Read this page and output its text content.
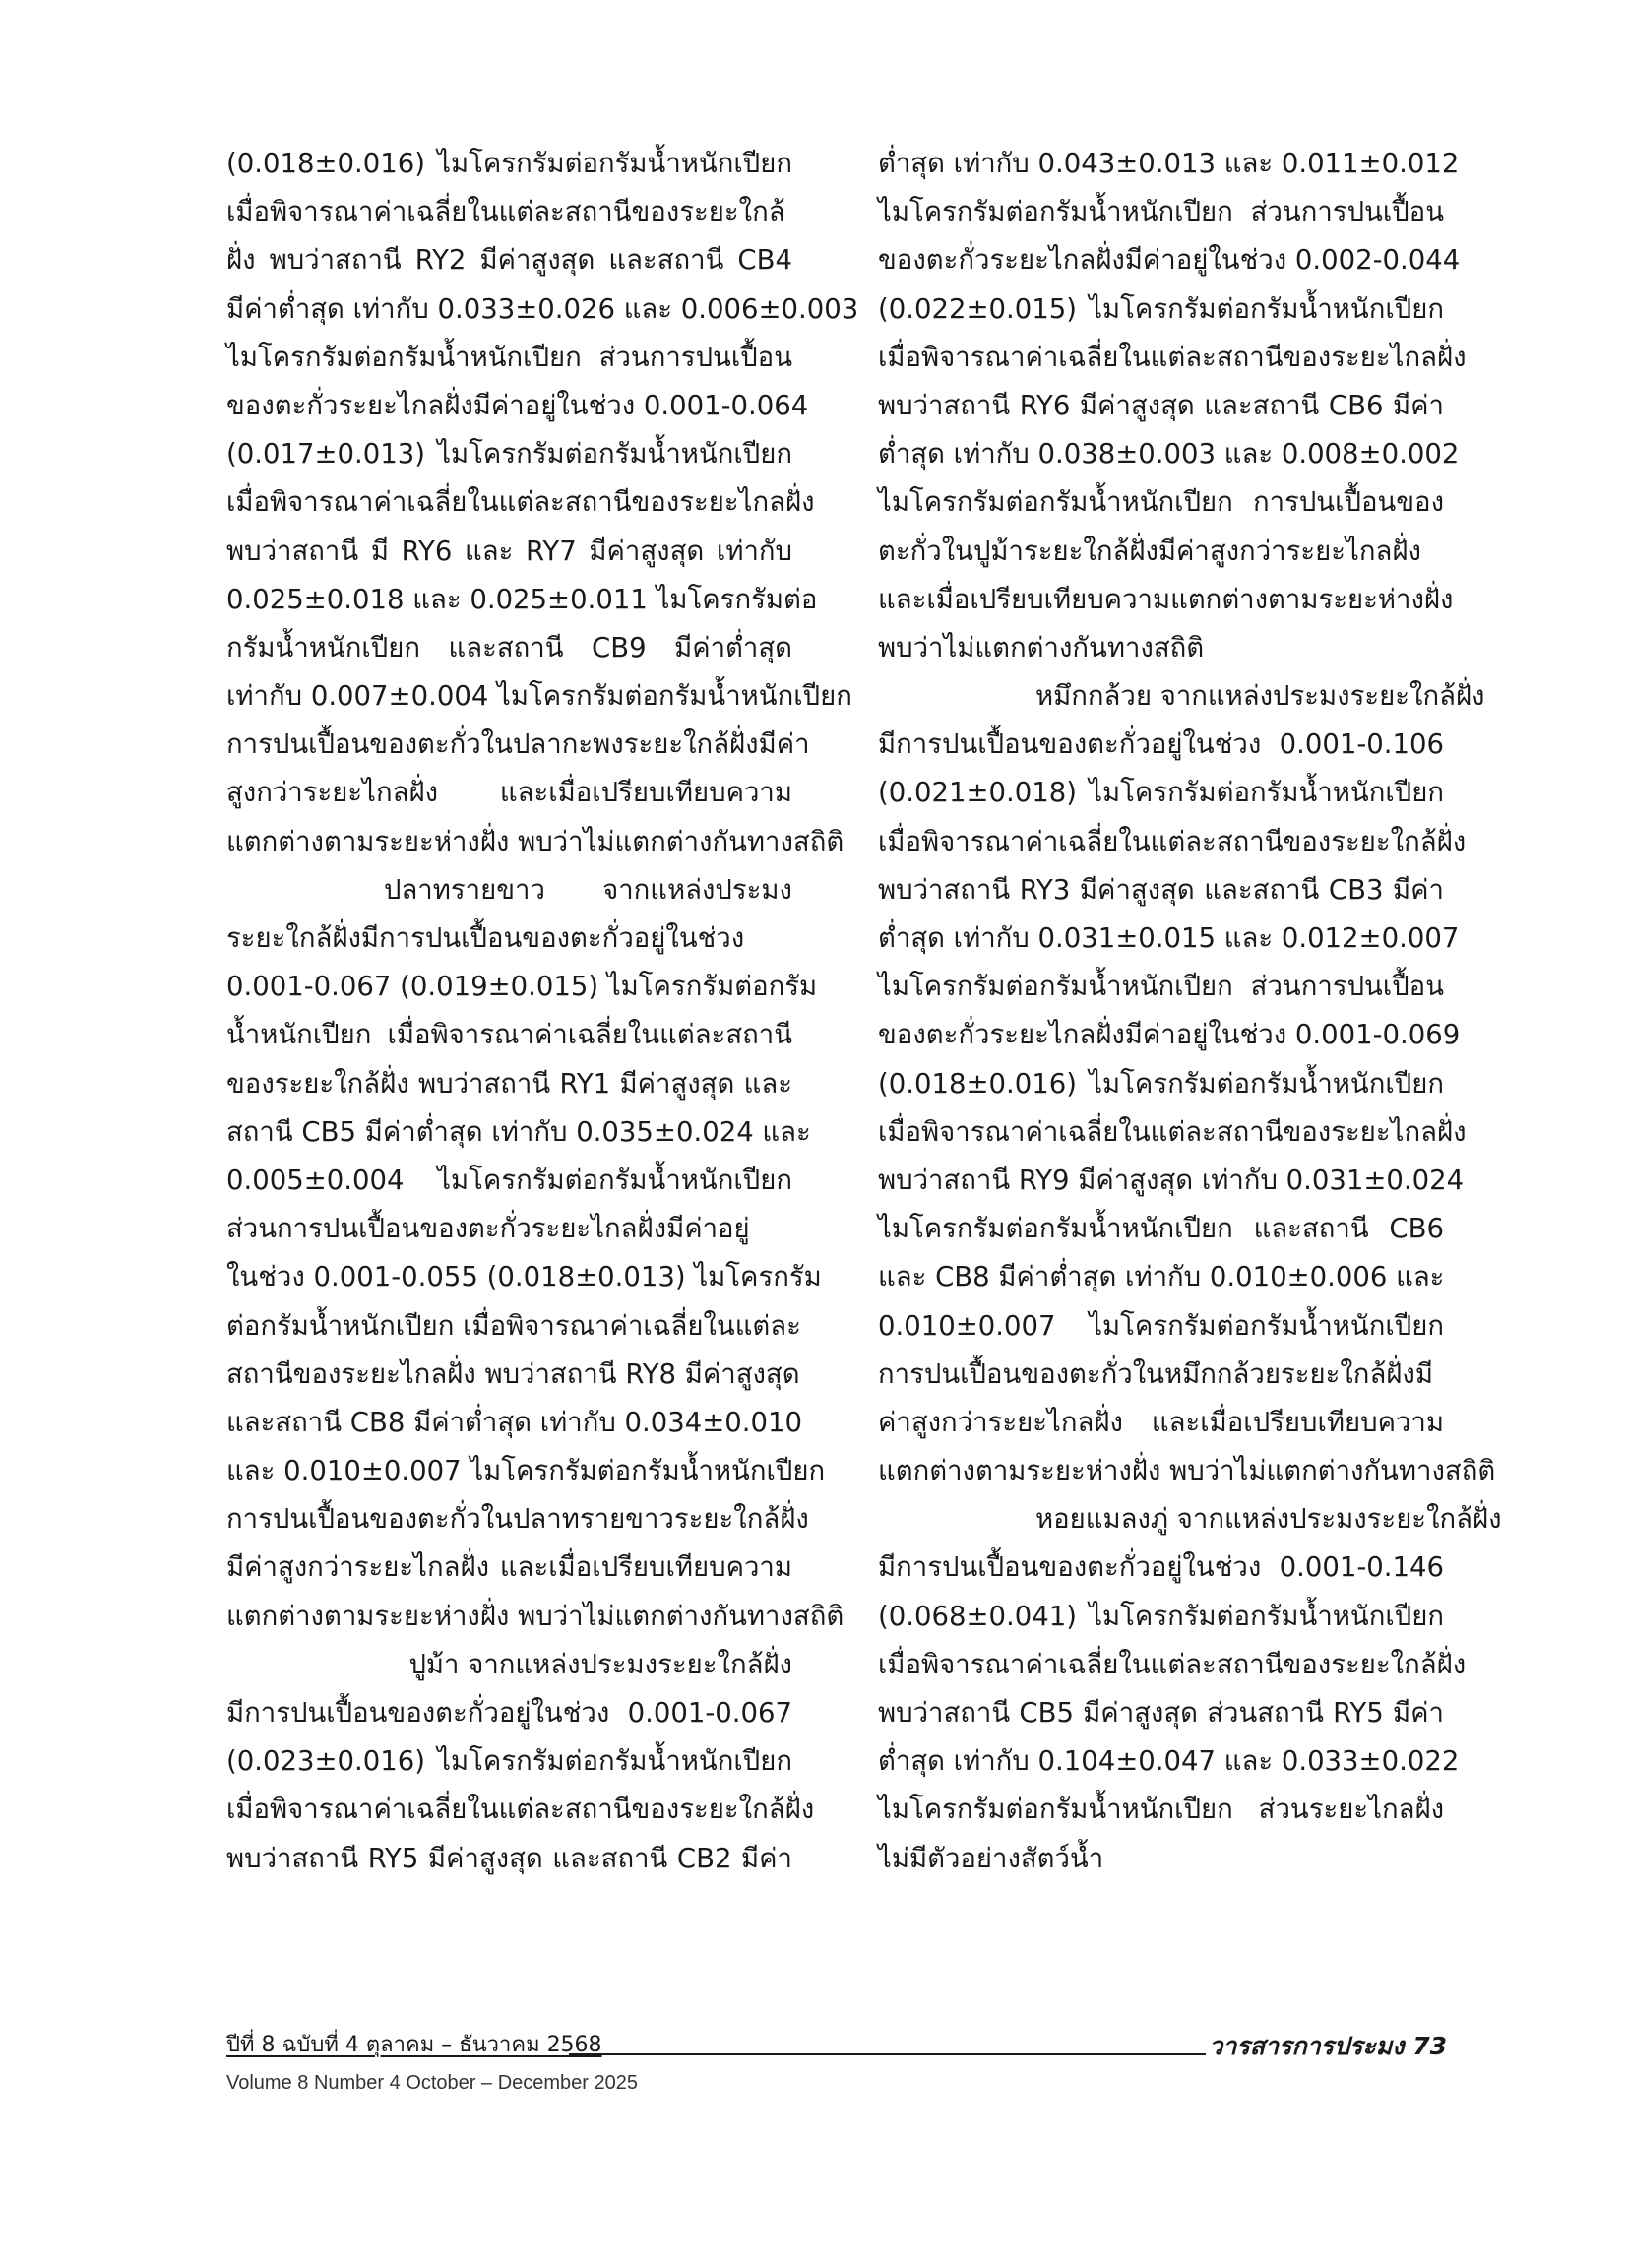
(0.018±0.016) ไมโครกรัมต่อกรัมน้ำหนักเปียก
เมื่อพิจารณาค่าเฉลี่ยในแต่ละสถานีของระยะใกล้
ฝั่ง พบว่าสถานี RY2 มีค่าสูงสุด และสถานี CB4
มีค่าต่ำสุด เท่ากับ 0.033±0.026 และ 0.006±0.003
ไมโครกรัมต่อกรัมน้ำหนักเปียก ส่วนการปนเปื้อน
ของตะกั่วระยะไกลฝั่งมีค่าอยู่ในช่วง 0.001-0.064
(0.017±0.013) ไมโครกรัมต่อกรัมน้ำหนักเปียก
เมื่อพิจารณาค่าเฉลี่ยในแต่ละสถานีของระยะไกลฝั่ง
พบว่าสถานี มี RY6 และ RY7 มีค่าสูงสุด เท่ากับ
0.025±0.018 และ 0.025±0.011 ไมโครกรัมต่อ
กรัมน้ำหนักเปียก และสถานี CB9 มีค่าต่ำสุด
เท่ากับ 0.007±0.004 ไมโครกรัมต่อกรัมน้ำหนักเปียก
การปนเปื้อนของตะกั่วในปลากะพงระยะใกล้ฝั่งมีค่า
สูงกว่าระยะไกลฝั่ง และเมื่อเปรียบเทียบความ
แตกต่างตามระยะห่างฝั่ง พบว่าไม่แตกต่างกันทางสถิติ
ปลาทรายขาว จากแหล่งประมง
ระยะใกล้ฝั่งมีการปนเปื้อนของตะกั่วอยู่ในช่วง
0.001-0.067 (0.019±0.015) ไมโครกรัมต่อกรัม
น้ำหนักเปียก เมื่อพิจารณาค่าเฉลี่ยในแต่ละสถานี
ของระยะใกล้ฝั่ง พบว่าสถานี RY1 มีค่าสูงสุด และ
สถานี CB5 มีค่าต่ำสุด เท่ากับ 0.035±0.024 และ
0.005±0.004 ไมโครกรัมต่อกรัมน้ำหนักเปียก
ส่วนการปนเปื้อนของตะกั่วระยะไกลฝั่งมีค่าอยู่
ในช่วง 0.001-0.055 (0.018±0.013) ไมโครกรัม
ต่อกรัมน้ำหนักเปียก เมื่อพิจารณาค่าเฉลี่ยในแต่ละ
สถานีของระยะไกลฝั่ง พบว่าสถานี RY8 มีค่าสูงสุด
และสถานี CB8 มีค่าต่ำสุด เท่ากับ 0.034±0.010
และ 0.010±0.007 ไมโครกรัมต่อกรัมน้ำหนักเปียก
การปนเปื้อนของตะกั่วในปลาทรายขาวระยะใกล้ฝั่ง
มีค่าสูงกว่าระยะไกลฝั่ง และเมื่อเปรียบเทียบความ
แตกต่างตามระยะห่างฝั่ง พบว่าไม่แตกต่างกันทางสถิติ
ปูม้า จากแหล่งประมงระยะใกล้ฝั่ง
มีการปนเปื้อนของตะกั่วอยู่ในช่วง 0.001-0.067
(0.023±0.016) ไมโครกรัมต่อกรัมน้ำหนักเปียก
เมื่อพิจารณาค่าเฉลี่ยในแต่ละสถานีของระยะใกล้ฝั่ง
พบว่าสถานี RY5 มีค่าสูงสุด และสถานี CB2 มีค่า
ต่ำสุด เท่ากับ 0.043±0.013 และ 0.011±0.012
ไมโครกรัมต่อกรัมน้ำหนักเปียก ส่วนการปนเปื้อน
ของตะกั่วระยะไกลฝั่งมีค่าอยู่ในช่วง 0.002-0.044
(0.022±0.015) ไมโครกรัมต่อกรัมน้ำหนักเปียก
เมื่อพิจารณาค่าเฉลี่ยในแต่ละสถานีของระยะไกลฝั่ง
พบว่าสถานี RY6 มีค่าสูงสุด และสถานี CB6 มีค่า
ต่ำสุด เท่ากับ 0.038±0.003 และ 0.008±0.002
ไมโครกรัมต่อกรัมน้ำหนักเปียก การปนเปื้อนของ
ตะกั่วในปูม้าระยะใกล้ฝั่งมีค่าสูงกว่าระยะไกลฝั่ง
และเมื่อเปรียบเทียบความแตกต่างตามระยะห่างฝั่ง
พบว่าไม่แตกต่างกันทางสถิติ
หมึกกล้วย จากแหล่งประมงระยะใกล้ฝั่ง
มีการปนเปื้อนของตะกั่วอยู่ในช่วง 0.001-0.106
(0.021±0.018) ไมโครกรัมต่อกรัมน้ำหนักเปียก
เมื่อพิจารณาค่าเฉลี่ยในแต่ละสถานีของระยะใกล้ฝั่ง
พบว่าสถานี RY3 มีค่าสูงสุด และสถานี CB3 มีค่า
ต่ำสุด เท่ากับ 0.031±0.015 และ 0.012±0.007
ไมโครกรัมต่อกรัมน้ำหนักเปียก ส่วนการปนเปื้อน
ของตะกั่วระยะไกลฝั่งมีค่าอยู่ในช่วง 0.001-0.069
(0.018±0.016) ไมโครกรัมต่อกรัมน้ำหนักเปียก
เมื่อพิจารณาค่าเฉลี่ยในแต่ละสถานีของระยะไกลฝั่ง
พบว่าสถานี RY9 มีค่าสูงสุด เท่ากับ 0.031±0.024
ไมโครกรัมต่อกรัมน้ำหนักเปียก และสถานี CB6
และ CB8 มีค่าต่ำสุด เท่ากับ 0.010±0.006 และ
0.010±0.007 ไมโครกรัมต่อกรัมน้ำหนักเปียก
การปนเปื้อนของตะกั่วในหมึกกล้วยระยะใกล้ฝั่งมี
ค่าสูงกว่าระยะไกลฝั่ง และเมื่อเปรียบเทียบความ
แตกต่างตามระยะห่างฝั่ง พบว่าไม่แตกต่างกันทางสถิติ
หอยแมลงภู่ จากแหล่งประมงระยะใกล้ฝั่ง
มีการปนเปื้อนของตะกั่วอยู่ในช่วง 0.001-0.146
(0.068±0.041) ไมโครกรัมต่อกรัมน้ำหนักเปียก
เมื่อพิจารณาค่าเฉลี่ยในแต่ละสถานีของระยะใกล้ฝั่ง
พบว่าสถานี CB5 มีค่าสูงสุด ส่วนสถานี RY5 มีค่า
ต่ำสุด เท่ากับ 0.104±0.047 และ 0.033±0.022
ไมโครกรัมต่อกรัมน้ำหนักเปียก ส่วนระยะไกลฝั่ง
ไม่มีตัวอย่างสัตว์น้ำ
ปีที่ 8 ฉบับที่ 4 ตุลาคม – ธันวาคม 2568	วารสารการประมง 73
Volume 8 Number 4 October – December 2025
